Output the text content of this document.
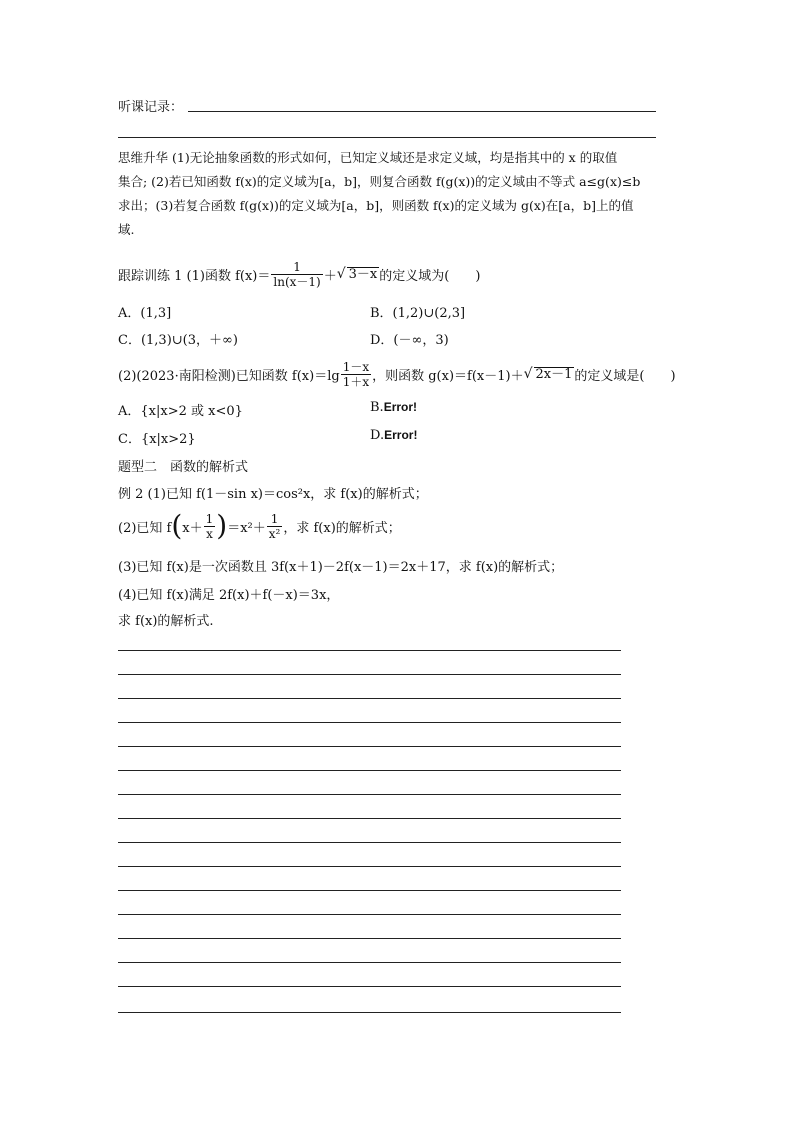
听课记录：
思维升华 (1)无论抽象函数的形式如何，已知定义域还是求定义域，均是指其中的 x 的取值
集合; (2)若已知函数 f(x)的定义域为[a，b]，则复合函数 f(g(x))的定义域由不等式 a≤g(x)≤b
求出；(3)若复合函数 f(g(x))的定义域为[a，b]，则函数 f(x)的定义域为 g(x)在[a，b]上的值
域.
跟踪训练 1 (1)函数 $f(x)= \frac{1}{\ln(x-1)}$ ＋ √ 3－x 的定义域为(　　)
A．(1,3]	B．(1,2)∪(2,3]
C．(1,3)∪(3，＋∞)	D．(－∞，3)
(2)(2023·南阳检测)已知函数 $f(x)=\lg \frac{1-x}{1+x}$ ，则函数 g(x)＝f(x－1)＋ √ 2x－1 的定义域是(　　)
A．{x|x>2 或 x<0}	B.Error!
C．{x|x>2}	D.Error!
题型二　函数的解析式
例 2 (1)已知 f(1－sin x)＝cos²x，求 f(x)的解析式；
(2)已知 f ( $x+ \frac{1}{x}$ ) $=x^2+ \frac{1}{\text{x²}}$ ，求 f(x)的解析式；
(3)已知 f(x)是一次函数且 3f(x＋1)－2f(x－1)＝2x＋17，求 f(x)的解析式；
(4)已知 f(x)满足 2f(x)＋f(－x)＝3x，
求 f(x)的解析式.
